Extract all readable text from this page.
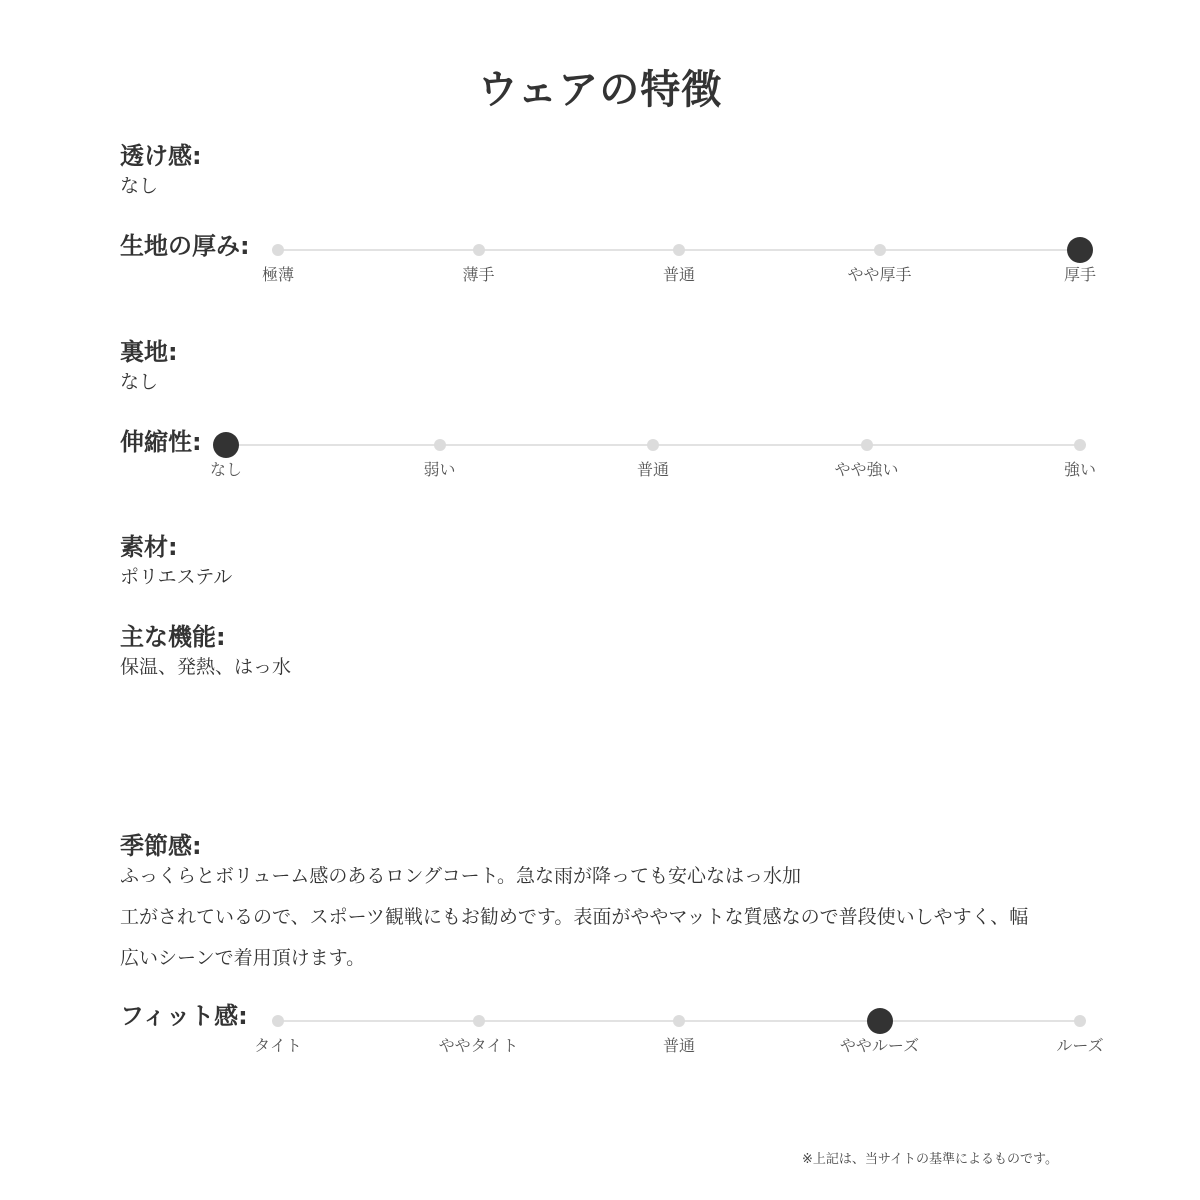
ウェアの特徴
透け感:
なし
生地の厚み:
極薄	薄手	普通	やや厚手	厚手
裏地:
なし
伸縮性:
なし	弱い	普通	やや強い	強い
素材:
ポリエステル
主な機能:
保温、発熱、はっ水
季節感:
ふっくらとボリューム感のあるロングコート。急な雨が降っても安心なはっ水加
工がされているので、スポーツ観戦にもお勧めです。表面がややマットな質感なので普段使いしやすく、幅
広いシーンで着用頂けます。
フィット感:
タイト	ややタイト	普通	ややルーズ	ルーズ
※上記は、当サイトの基準によるものです。
